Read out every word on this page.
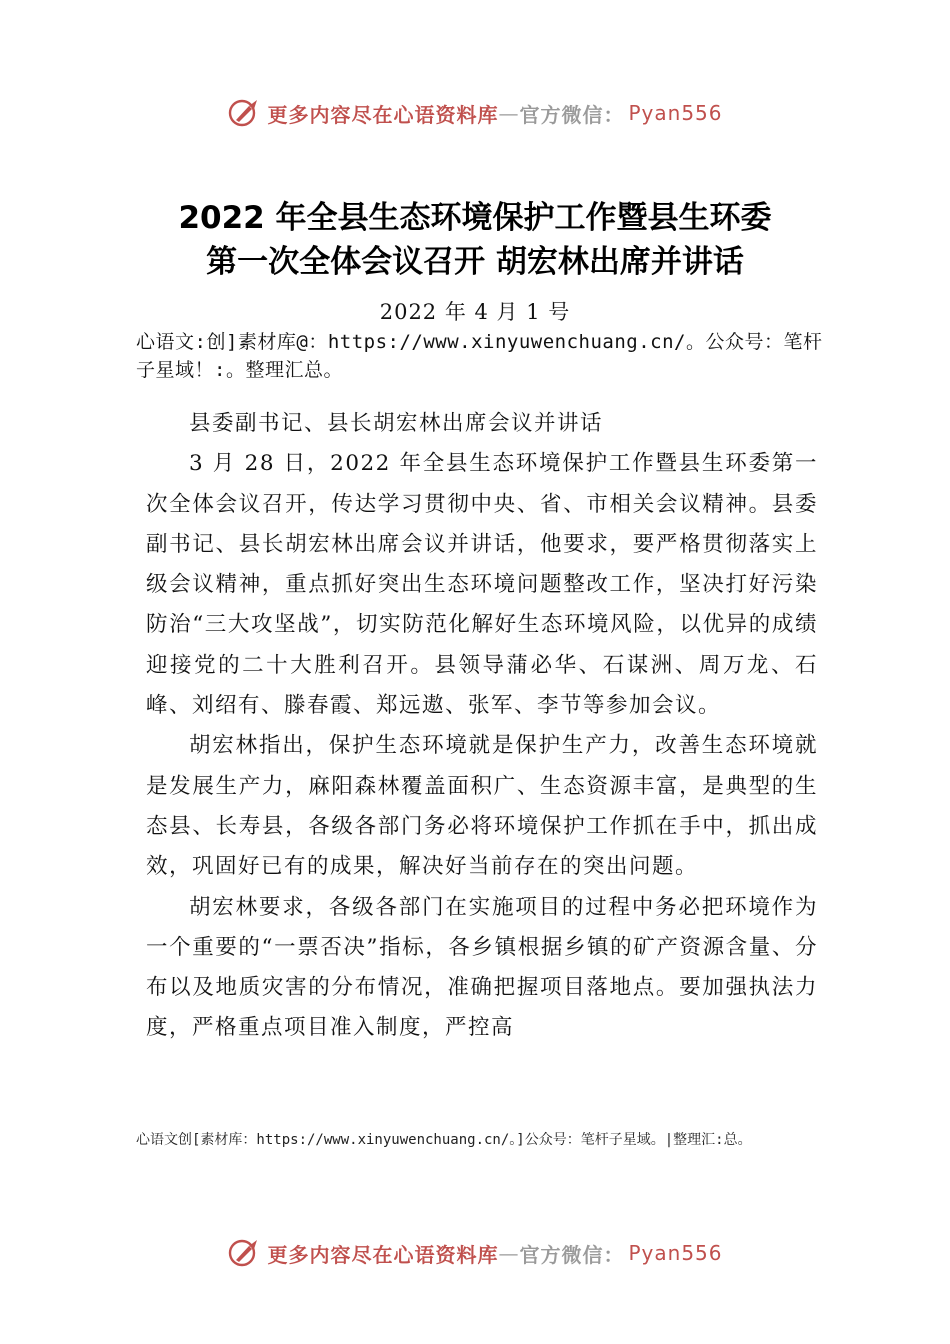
更多内容尽在心语资料库 — 官方微信： Pyan556
2022 年全县生态环境保护工作暨县生环委
第一次全体会议召开 胡宏林出席并讲话
2022 年 4 月 1 号
心语文:创]素材库@：https://www.xinyuwenchuang.cn/。公众号：笔杆子星域！:。整理汇总。

县委副书记、县长胡宏林出席会议并讲话

3 月 28 日，2022 年全县生态环境保护工作暨县生环委第一次全体会议召开，传达学习贯彻中央、省、市相关会议精神。县委副书记、县长胡宏林出席会议并讲话，他要求，要严格贯彻落实上级会议精神，重点抓好突出生态环境问题整改工作，坚决打好污染防治“三大攻坚战”，切实防范化解好生态环境风险，以优异的成绩迎接党的二十大胜利召开。县领导蒲必华、石谋洲、周万龙、石峰、刘绍有、滕春霞、郑远遨、张军、李节等参加会议。

胡宏林指出，保护生态环境就是保护生产力，改善生态环境就是发展生产力，麻阳森林覆盖面积广、生态资源丰富，是典型的生态县、长寿县，各级各部门务必将环境保护工作抓在手中，抓出成效，巩固好已有的成果，解决好当前存在的突出问题。

胡宏林要求，各级各部门在实施项目的过程中务必把环境作为一个重要的“一票否决”指标，各乡镇根据乡镇的矿产资源含量、分布以及地质灾害的分布情况，准确把握项目落地点。要加强执法力度，严格重点项目准入制度，严控高

心语文创[素材库：https://www.xinyuwenchuang.cn/。]公众号：笔杆子星域。|整理汇:总。
更多内容尽在心语资料库 — 官方微信： Pyan556
